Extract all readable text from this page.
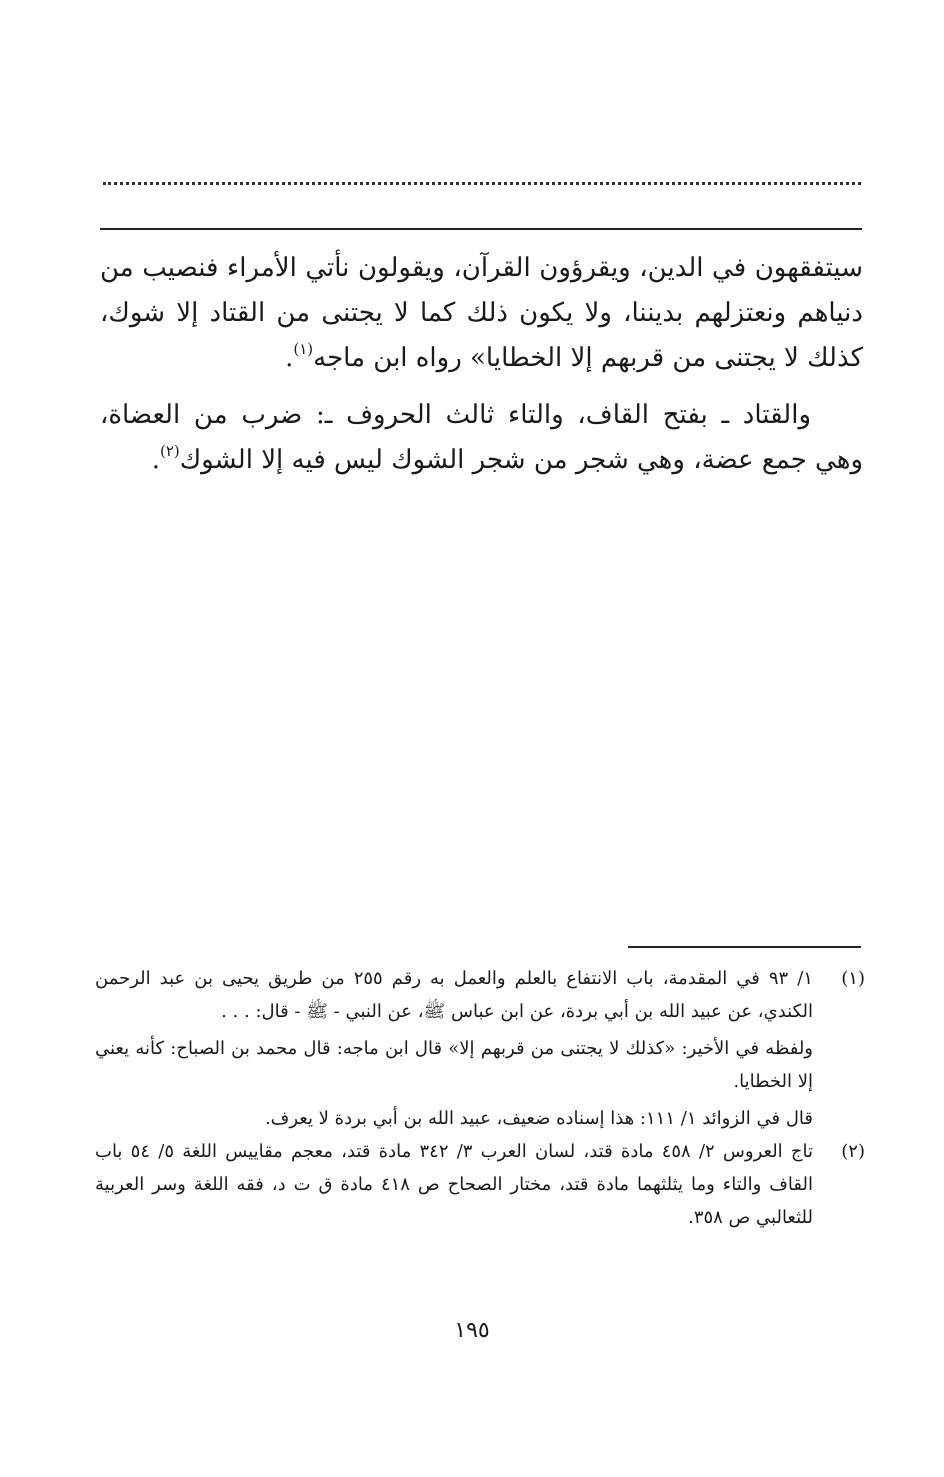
سيتفقهون في الدين، ويقرؤون القرآن، ويقولون نأتي الأمراء فنصيب من دنياهم ونعتزلهم بديننا، ولا يكون ذلك كما لا يجتنى من القتاد إلا شوك، كذلك لا يجتنى من قربهم إلا الخطايا» رواه ابن ماجه$^{(١)}$.

والقتاد ـ بفتح القاف، والتاء ثالث الحروف ـ: ضرب من العضاة، وهي جمع عضة، وهي شجر من شجر الشوك ليس فيه إلا الشوك$^{(٢)}$.

(١)

١/ ٩٣ في المقدمة، باب الانتفاع بالعلم والعمل به رقم ٢٥٥ من طريق يحيى بن عبد الرحمن الكندي، عن عبيد الله بن أبي بردة، عن ابن عباس ﷺ، عن النبي - ﷺ - قال: . . .

ولفظه في الأخير: «كذلك لا يجتنى من قربهم إلا» قال ابن ماجه: قال محمد بن الصباح: كأنه يعني إلا الخطايا.

قال في الزوائد ١/ ١١١: هذا إسناده ضعيف، عبيد الله بن أبي بردة لا يعرف.

(٢)

تاج العروس ٢/ ٤٥٨ مادة قتد، لسان العرب ٣/ ٣٤٢ مادة قتد، معجم مقاييس اللغة ٥/ ٥٤ باب القاف والتاء وما يثلثهما مادة قتد، مختار الصحاح ص ٤١٨ مادة ق ت د، فقه اللغة وسر العربية للثعالبي ص ٣٥٨.

١٩٥
